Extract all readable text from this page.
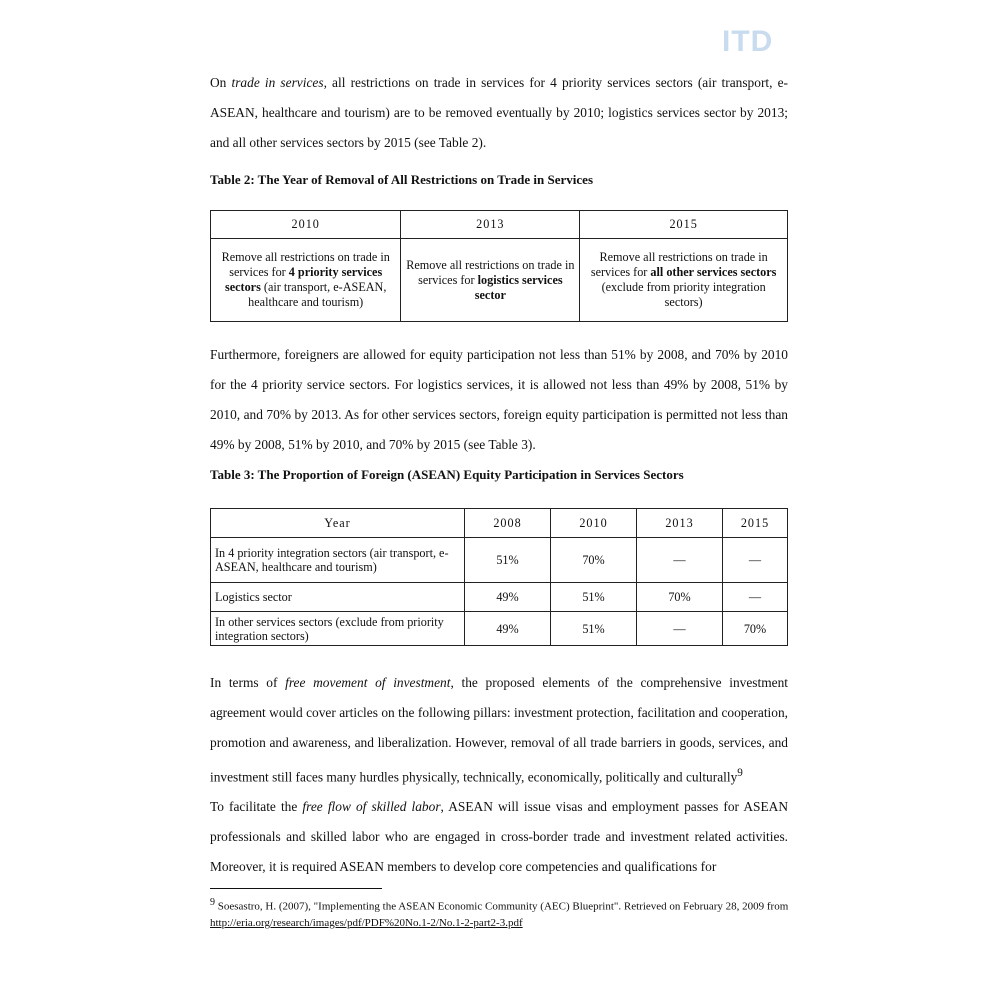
ITD

On trade in services, all restrictions on trade in services for 4 priority services sectors (air transport, e-ASEAN, healthcare and tourism) are to be removed eventually by 2010; logistics services sector by 2013; and all other services sectors by 2015 (see Table 2).

Table 2: The Year of Removal of All Restrictions on Trade in Services

2010	2013	2015
Remove all restrictions on trade in services for 4 priority services sectors (air transport, e-ASEAN, healthcare and tourism)	Remove all restrictions on trade in services for logistics services sector	Remove all restrictions on trade in services for all other services sectors (exclude from priority integration sectors)

Furthermore, foreigners are allowed for equity participation not less than 51% by 2008, and 70% by 2010 for the 4 priority service sectors. For logistics services, it is allowed not less than 49% by 2008, 51% by 2010, and 70% by 2013. As for other services sectors, foreign equity participation is permitted not less than 49% by 2008, 51% by 2010, and 70% by 2015 (see Table 3).

Table 3: The Proportion of Foreign (ASEAN) Equity Participation in Services Sectors

Year	2008	2010	2013	2015
In 4 priority integration sectors (air transport, e-ASEAN, healthcare and tourism)	51%	70%	—	—
Logistics sector	49%	51%	70%	—
In other services sectors (exclude from priority integration sectors)	49%	51%	—	70%

In terms of free movement of investment, the proposed elements of the comprehensive investment agreement would cover articles on the following pillars: investment protection, facilitation and cooperation, promotion and awareness, and liberalization. However, removal of all trade barriers in goods, services, and investment still faces many hurdles physically, technically, economically, politically and culturally$^9$

To facilitate the free flow of skilled labor, ASEAN will issue visas and employment passes for ASEAN professionals and skilled labor who are engaged in cross-border trade and investment related activities. Moreover, it is required ASEAN members to develop core competencies and qualifications for

$^9$ Soesastro, H. (2007), "Implementing the ASEAN Economic Community (AEC) Blueprint". Retrieved on February 28, 2009 from http://eria.org/research/images/pdf/PDF%20No.1-2/No.1-2-part2-3.pdf
